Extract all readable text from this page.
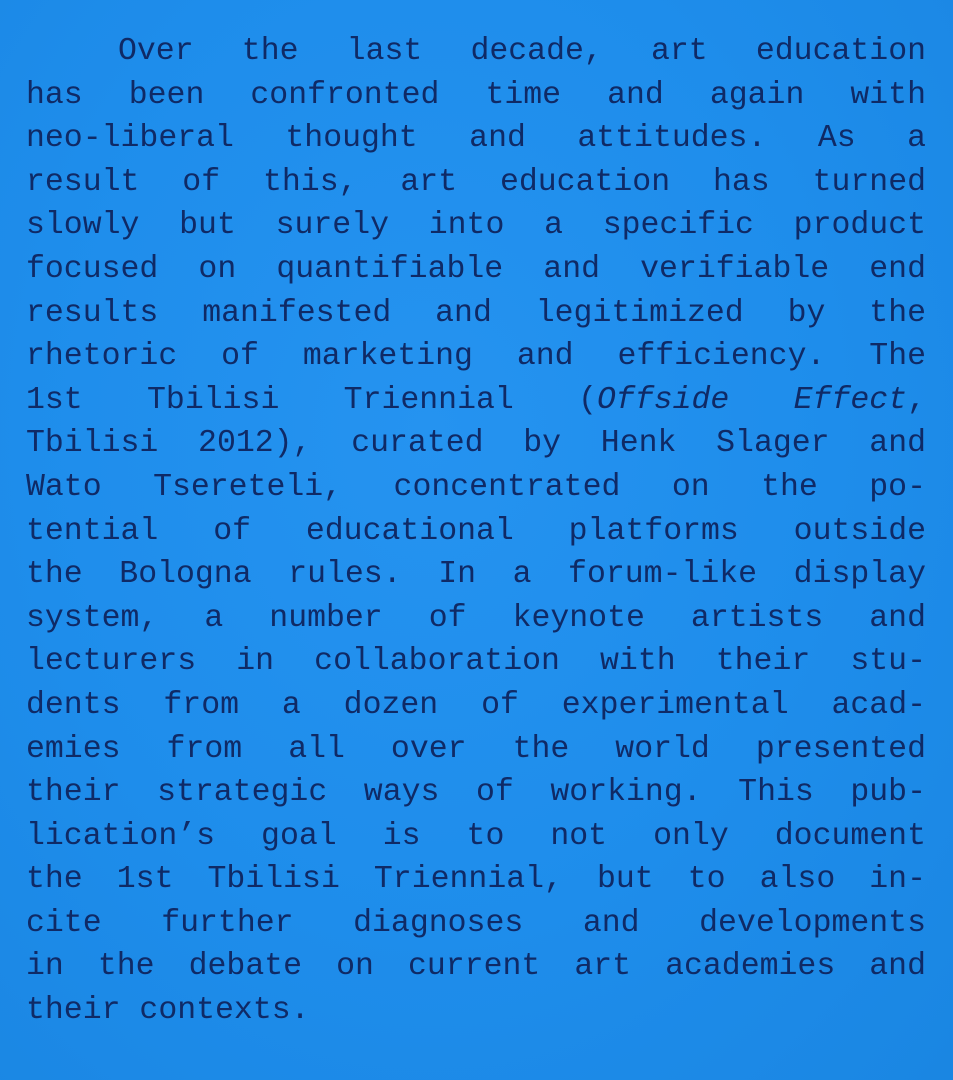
Over the last decade, art education
has been confronted time and again with
neo-liberal thought and attitudes. As a
result of this, art education has turned
slowly but surely into a specific product
focused on quantifiable and verifiable end
results manifested and legitimized by the
rhetoric of marketing and efficiency. The
1st Tbilisi Triennial (Offside Effect,
Tbilisi 2012), curated by Henk Slager and
Wato Tsereteli, concentrated on the po-
tential of educational platforms outside
the Bologna rules. In a forum-like display
system, a number of keynote artists and
lecturers in collaboration with their stu-
dents from a dozen of experimental acad-
emies from all over the world presented
their strategic ways of working. This pub-
lication’s goal is to not only document
the 1st Tbilisi Triennial, but to also in-
cite further diagnoses and developments
in the debate on current art academies and
their contexts.
